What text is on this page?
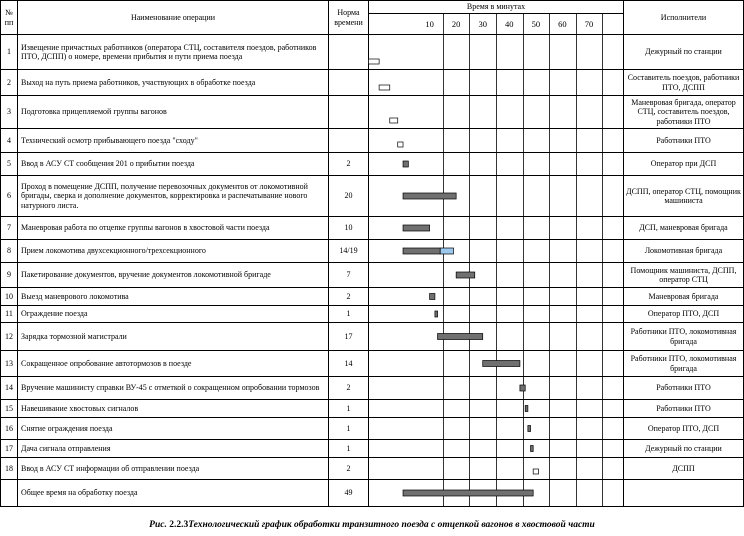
№ пп	Наименование операции	Норма времени	Время в минутах	Исполнители

1	Извещение причастных работников (оператора СТЦ, составителя поездов, работников ПТО, ДСПП) о номере, времени прибытия и пути приема поезда			Дежурный по станции
2	Выход на путь приема работников, участвующих в обработке поезда			Составитель поездов, работники ПТО, ДСПП
3	Подготовка прицепляемой группы вагонов			Маневровая бригада, оператор СТЦ, составитель поездов, работники ПТО
4	Технический осмотр прибывающего поезда "сходу"			Работники ПТО
5	Ввод в АСУ СТ сообщения 201 о прибытии поезда	2		Оператор при ДСП
6	Проход в помещение ДСПП, получение перевозочных документов от локомотивной бригады, сверка и дополнение документов, корректировка и распечатывание нового натурного листа.	20		ДСПП, оператор СТЦ, помощник машиниста
7	Маневровая работа по отцепке группы вагонов в хвостовой части поезда	10		ДСП, маневровая бригада
8	Прием локомотива двухсекционного/трехсекционного	14/19		Локомотивная бригада
9	Пакетирование документов, вручение документов локомотивной бригаде	7		Помощник машиниста, ДСПП, оператор СТЦ
10	Выезд маневрового локомотива	2		Маневровая бригада
11	Ограждение поезда	1		Оператор ПТО, ДСП
12	Зарядка тормозной магистрали	17		Работники ПТО, локомотивная бригада
13	Сокращенное опробование автотормозов в поезде	14		Работники ПТО, локомотивная бригада
14	Вручение машинисту справки ВУ-45 с отметкой о сокращенном опробовании тормозов	2		Работники ПТО
15	Навешивание хвостовых сигналов	1		Работники ПТО
16	Снятие ограждения поезда	1		Оператор ПТО, ДСП
17	Дача сигнала отправления	1		Дежурный по станции
18	Ввод в АСУ СТ информации об отправлении поезда	2		ДСПП
	Общее время на обработку поезда	49		
10 20 30 40 50 60 70
Рис. 2.2.3Технологический график обработки транзитного поезда с отцепкой вагонов в хвостовой части
